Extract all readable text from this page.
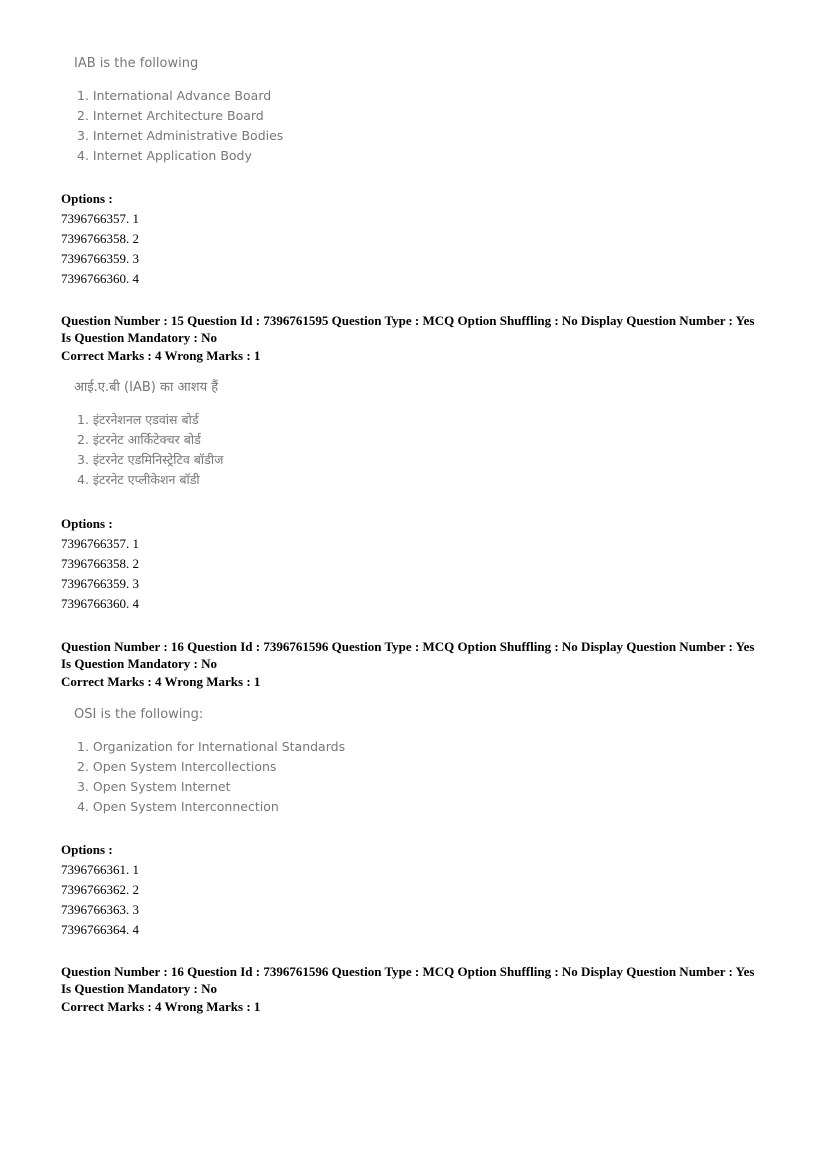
IAB is the following
1. International Advance Board
2. Internet Architecture Board
3. Internet Administrative Bodies
4. Internet Application Body
Options :
7396766357. 1
7396766358. 2
7396766359. 3
7396766360. 4
Question Number : 15 Question Id : 7396761595 Question Type : MCQ Option Shuffling : No Display Question Number : Yes
Is Question Mandatory : No
Correct Marks : 4 Wrong Marks : 1
आई.ए.बी (IAB) का आशय हैं
1. इंटरनेशनल एडवांस बोर्ड
2. इंटरनेट आर्किटेक्चर बोर्ड
3. इंटरनेट एडमिनिस्ट्रेटिव बॉडीज
4. इंटरनेट एप्लीकेशन बॉडी
Options :
7396766357. 1
7396766358. 2
7396766359. 3
7396766360. 4
Question Number : 16 Question Id : 7396761596 Question Type : MCQ Option Shuffling : No Display Question Number : Yes
Is Question Mandatory : No
Correct Marks : 4 Wrong Marks : 1
OSI is the following:
1. Organization for International Standards
2. Open System Intercollections
3. Open System Internet
4. Open System Interconnection
Options :
7396766361. 1
7396766362. 2
7396766363. 3
7396766364. 4
Question Number : 16 Question Id : 7396761596 Question Type : MCQ Option Shuffling : No Display Question Number : Yes
Is Question Mandatory : No
Correct Marks : 4 Wrong Marks : 1
